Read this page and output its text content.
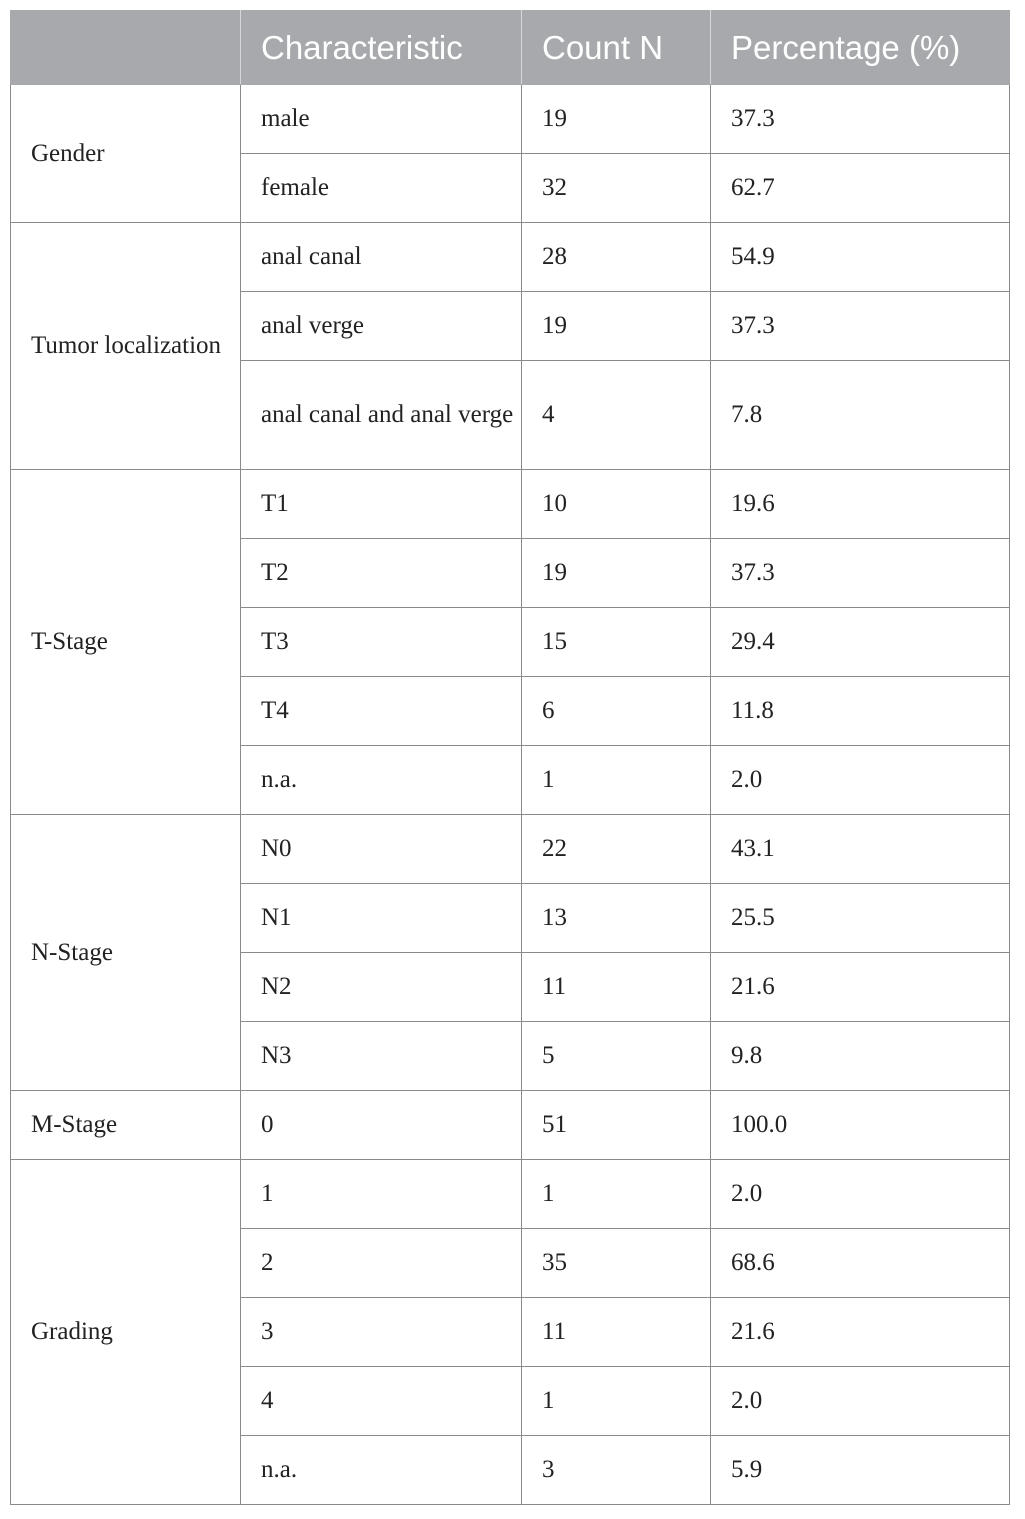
	Characteristic	Count N	Percentage (%)
Gender	male	19	37.3
	female	32	62.7
Tumor localization	anal canal	28	54.9
	anal verge	19	37.3
	anal canal and anal verge	4	7.8
T-Stage	T1	10	19.6
	T2	19	37.3
	T3	15	29.4
	T4	6	11.8
	n.a.	1	2.0
N-Stage	N0	22	43.1
	N1	13	25.5
	N2	11	21.6
	N3	5	9.8
M-Stage	0	51	100.0
Grading	1	1	2.0
	2	35	68.6
	3	11	21.6
	4	1	2.0
	n.a.	3	5.9
